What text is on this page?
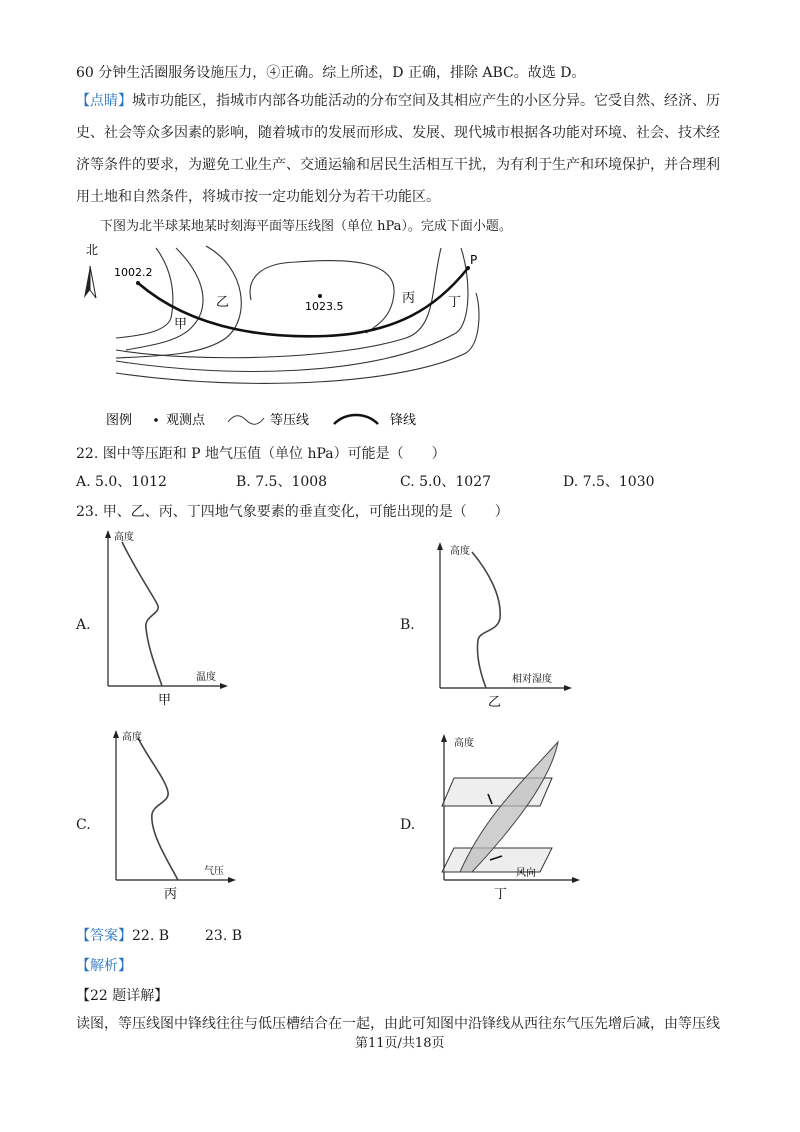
60 分钟生活圈服务设施压力，④正确。综上所述，D 正确，排除 ABC。故选 D。
【点睛】城市功能区，指城市内部各功能活动的分布空间及其相应产生的小区分异。它受自然、经济、历
史、社会等众多因素的影响，随着城市的发展而形成、发展、现代城市根据各功能对环境、社会、技术经
济等条件的要求，为避免工业生产、交通运输和居民生活相互干扰，为有利于生产和环境保护，并合理利
用土地和自然条件，将城市按一定功能划分为若干功能区。
下图为北半球某地某时刻海平面等压线图（单位 hPa）。完成下面小题。
北
1002.2
1023.5
P
甲
乙	丙	丁
图例	观测点	等压线	锋线
22. 图中等压距和 P 地气压值（单位 hPa）可能是（　　）
A. 5.0、1012	B. 7.5、1008	C. 5.0、1027	D. 7.5、1030
23. 甲、乙、丙、丁四地气象要素的垂直变化，可能出现的是（　　）
A.
高度
温度
甲
B.
高度
相对湿度
乙
C.
高度
气压
丙
D.
高度
风向
丁
【答案】22. B	23. B
【解析】
【22 题详解】
读图，等压线图中锋线往往与低压槽结合在一起，由此可知图中沿锋线从西往东气压先增后减，由等压线
第11页/共18页
